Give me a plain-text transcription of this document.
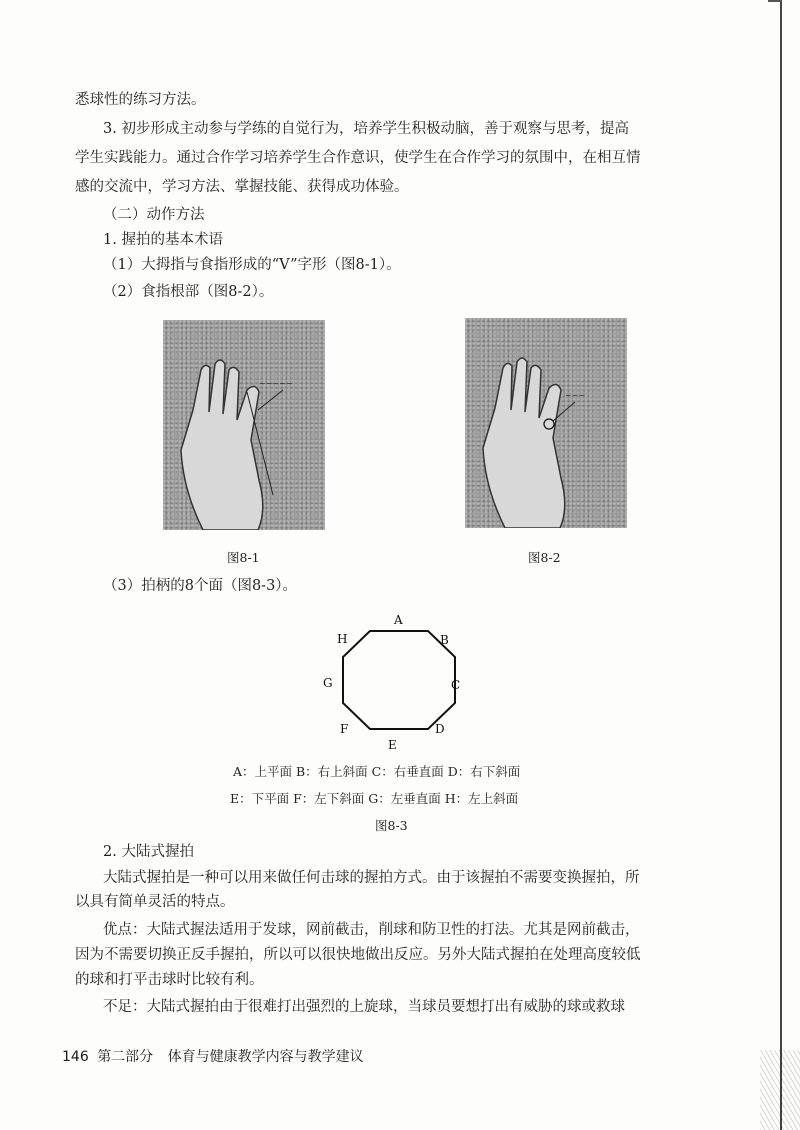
悉球性的练习方法。
3. 初步形成主动参与学练的自觉行为，培养学生积极动脑，善于观察与思考，提高
学生实践能力。通过合作学习培养学生合作意识，使学生在合作学习的氛围中，在相互情
感的交流中，学习方法、掌握技能、获得成功体验。
（二）动作方法
1. 握拍的基本术语
（1）大拇指与食指形成的“V”字形（图8-1）。
（2）食指根部（图8-2）。
~~~~~
图8-1
~~~
图8-2
（3）拍柄的8个面（图8-3）。
A
B
C
D
E
F
G
H
A：上平面 B：右上斜面 C：右垂直面 D：右下斜面
E：下平面 F：左下斜面 G：左垂直面 H：左上斜面
图8-3
2. 大陆式握拍
大陆式握拍是一种可以用来做任何击球的握拍方式。由于该握拍不需要变换握拍，所
以具有简单灵活的特点。
优点：大陆式握法适用于发球，网前截击，削球和防卫性的打法。尤其是网前截击，
因为不需要切换正反手握拍，所以可以很快地做出反应。另外大陆式握拍在处理高度较低
的球和打平击球时比较有利。
不足：大陆式握拍由于很难打出强烈的上旋球，当球员要想打出有威胁的球或救球
146 第二部分 体育与健康教学内容与教学建议
